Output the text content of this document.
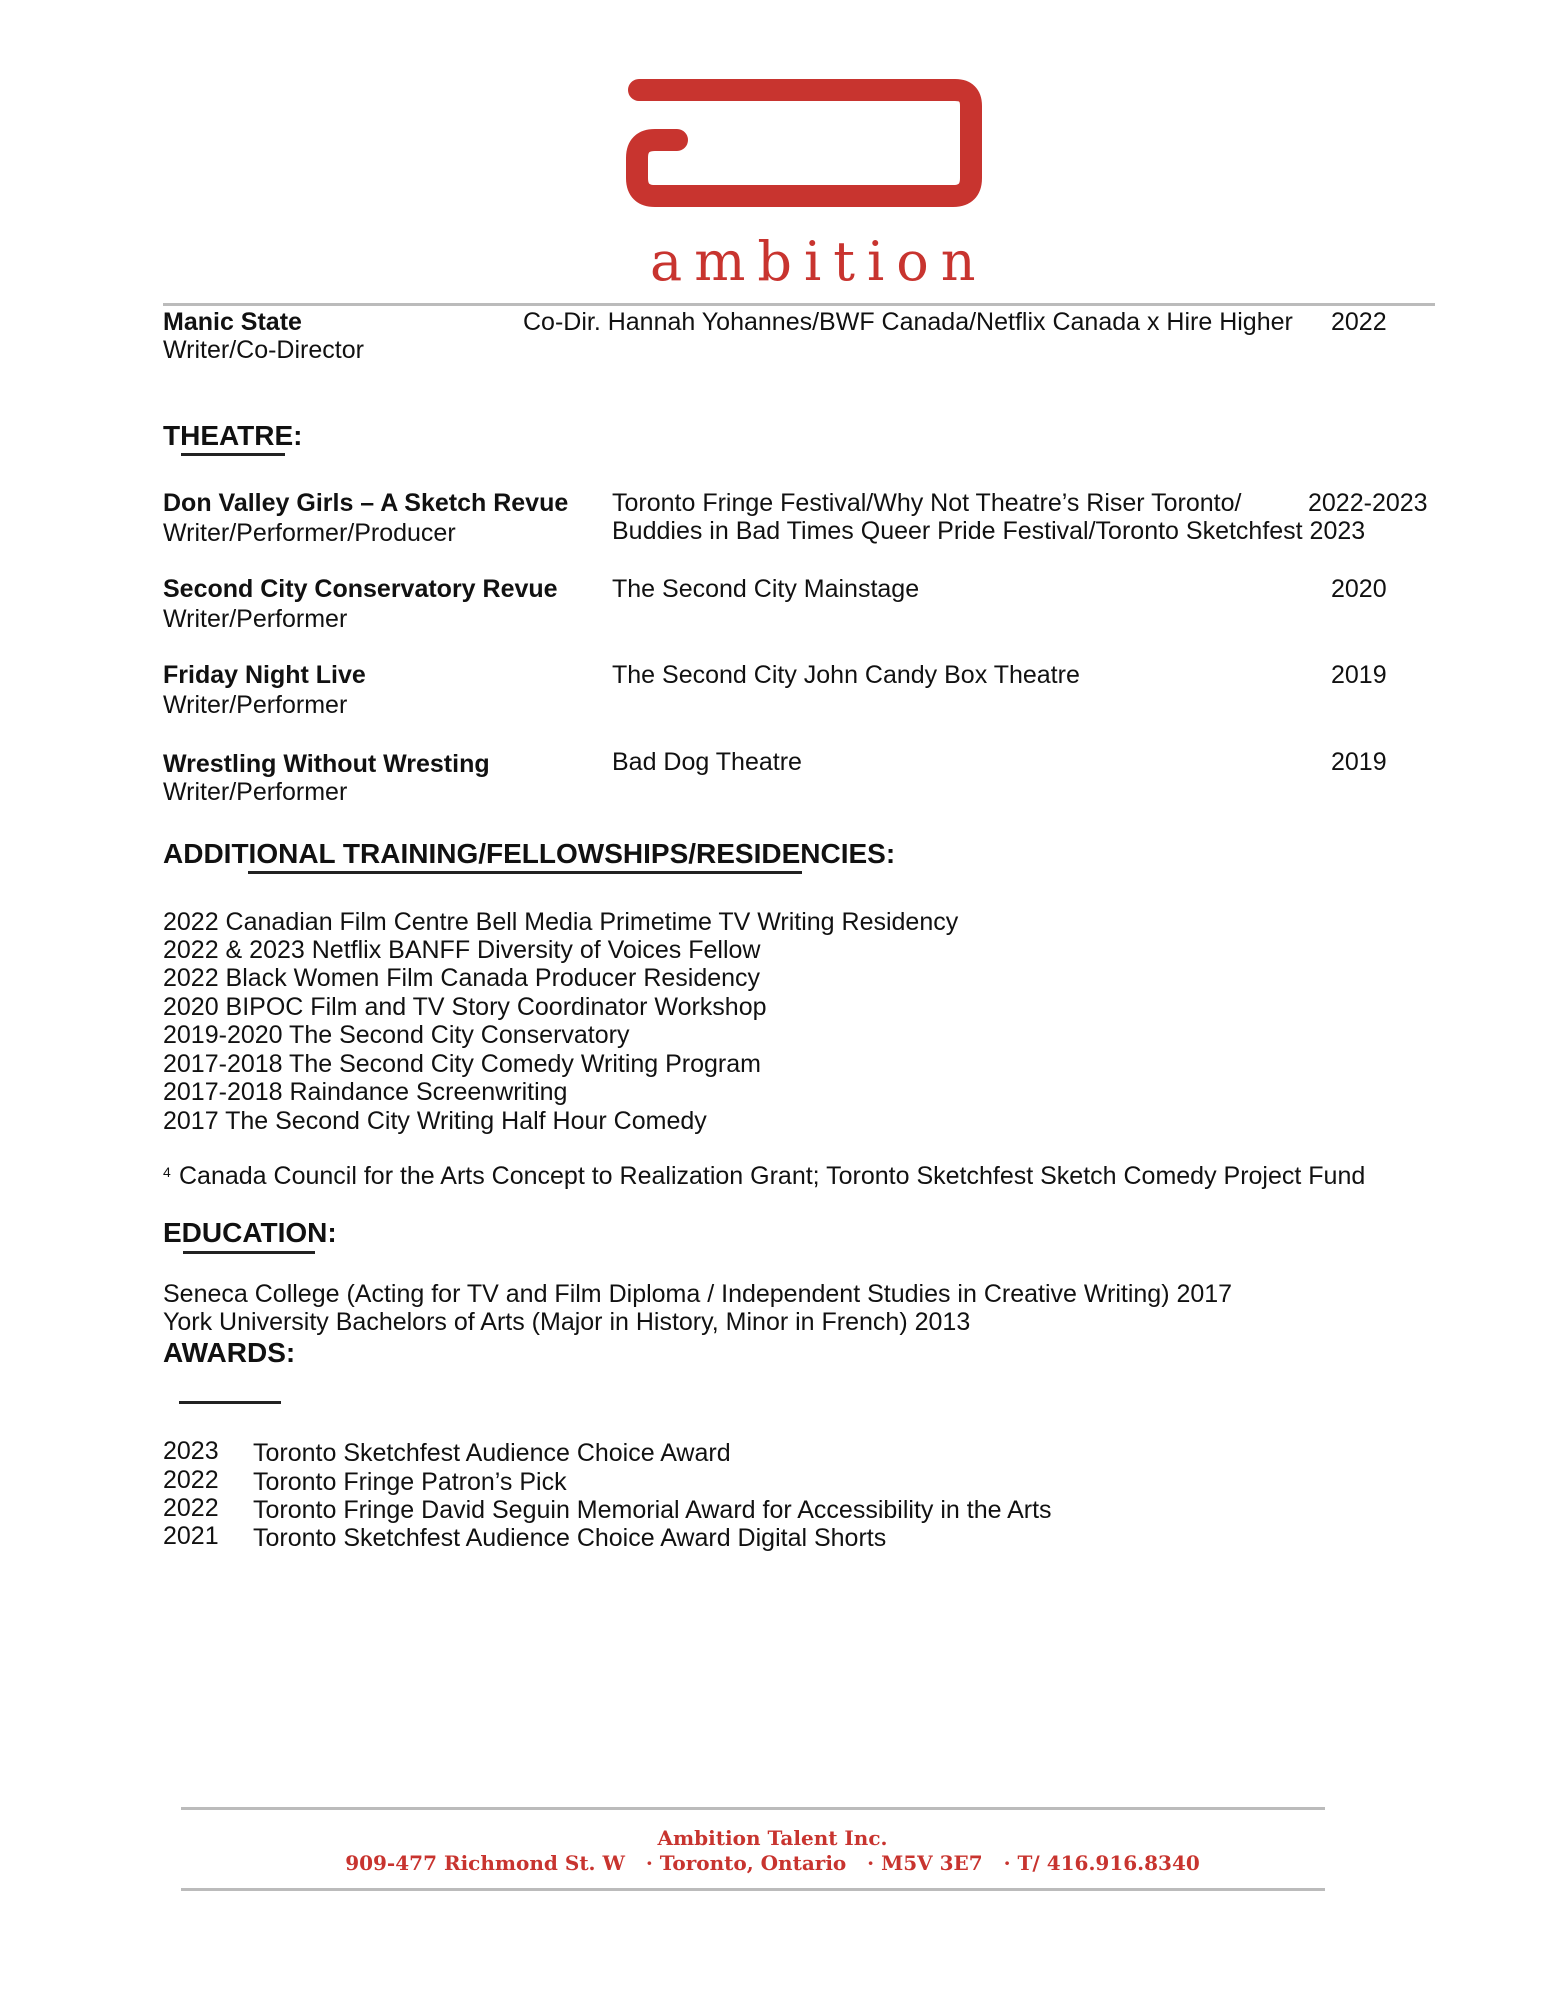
ambition
Manic State
Writer/Co-Director
Co-Dir. Hannah Yohannes/BWF Canada/Netflix Canada x Hire Higher 2022
THEATRE:
Don Valley Girls – A Sketch Revue
Writer/Performer/Producer
Toronto Fringe Festival/Why Not Theatre’s Riser Toronto/
Buddies in Bad Times Queer Pride Festival/Toronto Sketchfest 2023
2022-2023
Second City Conservatory Revue
Writer/Performer
The Second City Mainstage	2020
Friday Night Live
Writer/Performer
The Second City John Candy Box Theatre	2019
Wrestling Without Wresting
Writer/Performer
Bad Dog Theatre	2019
ADDITIONAL TRAINING/FELLOWSHIPS/RESIDENCIES:
2022 Canadian Film Centre Bell Media Primetime TV Writing Residency
2022 & 2023 Netflix BANFF Diversity of Voices Fellow
2022 Black Women Film Canada Producer Residency
2020 BIPOC Film and TV Story Coordinator Workshop
2019-2020 The Second City Conservatory
2017-2018 The Second City Comedy Writing Program
2017-2018 Raindance Screenwriting
2017 The Second City Writing Half Hour Comedy
4 Canada Council for the Arts Concept to Realization Grant; Toronto Sketchfest Sketch Comedy Project Fund
EDUCATION:
Seneca College (Acting for TV and Film Diploma / Independent Studies in Creative Writing) 2017
York University Bachelors of Arts (Major in History, Minor in French) 2013
AWARDS:
2023 Toronto Sketchfest Audience Choice Award
2022 Toronto Fringe Patron’s Pick
2022 Toronto Fringe David Seguin Memorial Award for Accessibility in the Arts
2021 Toronto Sketchfest Audience Choice Award Digital Shorts
Ambition Talent Inc.
909-477 Richmond St. W · Toronto, Ontario · M5V 3E7 · T/ 416.916.8340
